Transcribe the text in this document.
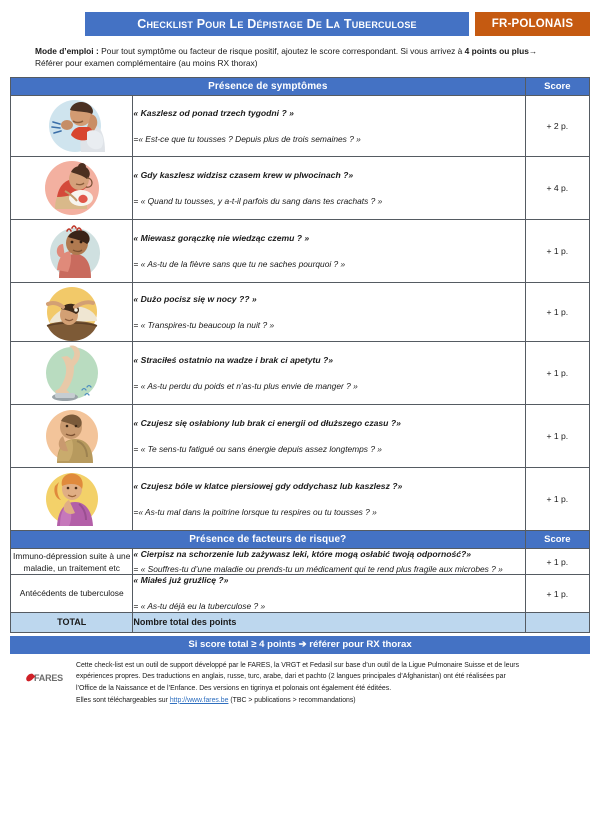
Checklist Pour Le Dépistage De La Tuberculose	FR-POLONAIS
Mode d’emploi : Pour tout symptôme ou facteur de risque positif, ajoutez le score correspondant. Si vous arrivez à 4 points ou plus→ Référer pour examen complémentaire (au moins RX thorax)
Présence de symptômes		Score

« Kaszlesz od ponad trzech tygodni ? »
=« Est-ce que tu tousses ? Depuis plus de trois semaines ? »	+ 2 p.

« Gdy kaszlesz widzisz czasem krew w plwocinach ?»
= « Quand tu tousses, y a-t-il parfois du sang dans tes crachats ? »	+ 4 p.

« Miewasz gorączkę nie wiedząc czemu ? »
= « As-tu de la fièvre sans que tu ne saches pourquoi ? »	+ 1 p.

« Dużo pocisz się w nocy ?? »
= « Transpires-tu beaucoup la nuit ? »	+ 1 p.

« Straciłeś ostatnio na wadze i brak ci apetytu ?»
= « As-tu perdu du poids et n’as-tu plus envie de manger ? »	+ 1 p.

« Czujesz się osłabiony lub brak ci energii od dłuższego czasu ?»
= « Te sens-tu fatigué ou sans énergie depuis assez longtemps ? »	+ 1 p.

« Czujesz bóle w klatce piersiowej gdy oddychasz lub kaszlesz ?»
=« As-tu mal dans la poitrine lorsque tu respires ou tu tousses ? »	+ 1 p.
Présence de facteurs de risque?		Score
Immuno-dépression suite à une maladie, un traitement etc	« Cierpisz na schorzenie lub zażywasz leki, które mogą osłabić twoją odporność?»
= « Souffres-tu d’une maladie ou prends-tu un médicament qui te rend plus fragile aux microbes ? »	+ 1 p.
Antécédents de tuberculose	« Miałeś już gruźlicę ?»
= « As-tu déjà eu la tuberculose ? »	+ 1 p.
TOTAL	Nombre total des points	
Si score total ≥ 4 points ➔ référer pour RX thorax
FARES

Cette check-list est un outil de support développé par le FARES, la VRGT et Fedasil sur base d’un outil de la Ligue Pulmonaire Suisse et de leurs

expériences propres. Des traductions en anglais, russe, turc, arabe, dari et pachto (2 langues principales d’Afghanistan) ont été réalisées par

l’Office de la Naissance et de l’Enfance. Des versions en tigrinya et polonais ont également été éditées.

Elles sont téléchargeables sur http://www.fares.be (TBC > publications > recommandations)
